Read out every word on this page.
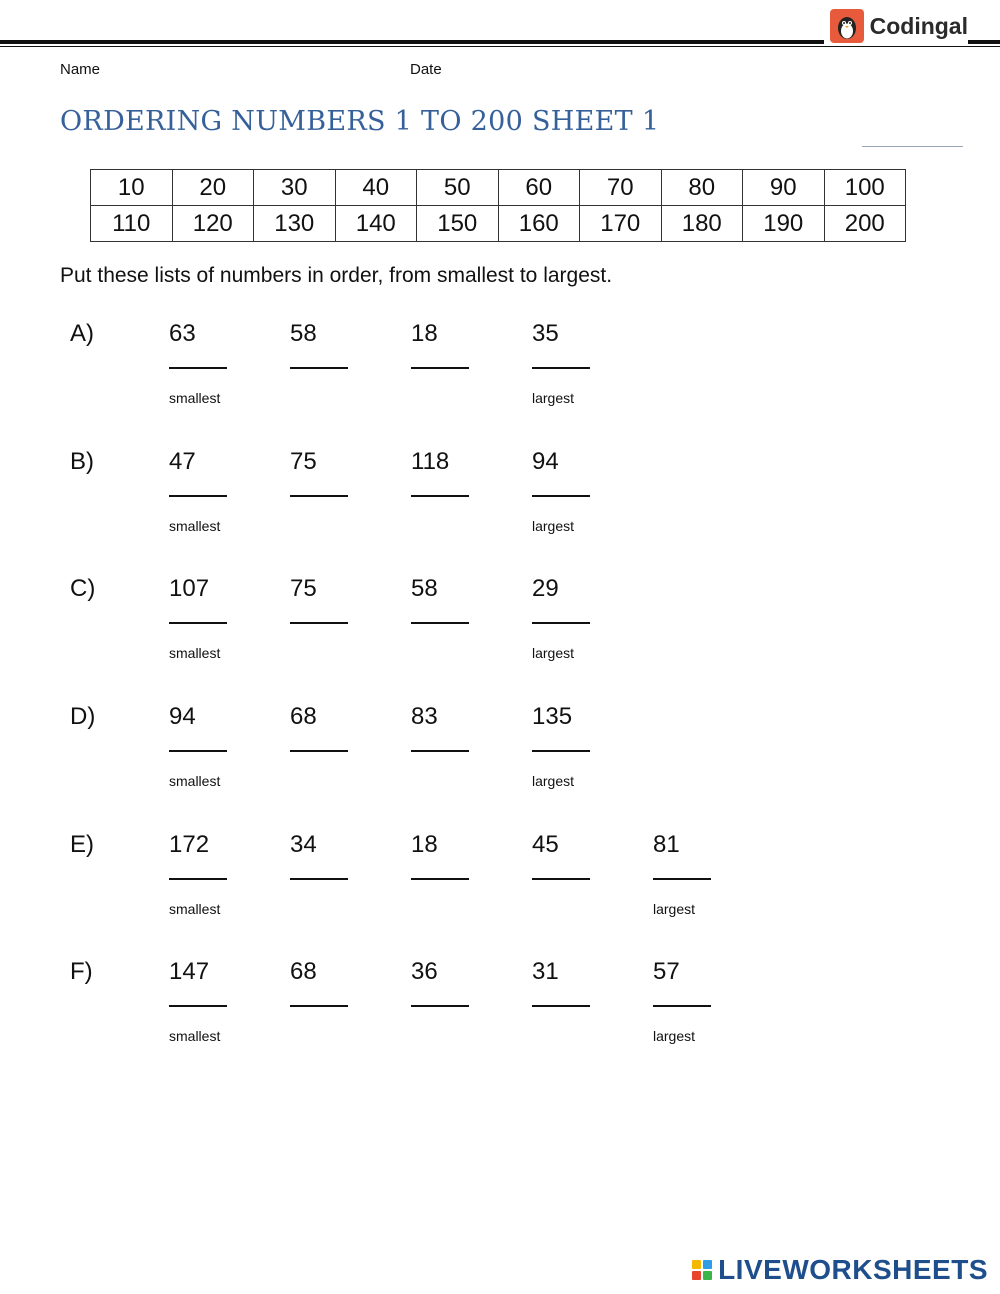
Codingal
Name	Date
ORDERING NUMBERS 1 TO 200 SHEET 1
10	20	30	40	50	60	70	80	90	100
110	120	130	140	150	160	170	180	190	200
Put these lists of numbers in order, from smallest to largest.
A)	63
smallest
58	18	35
largest
B)	47
smallest
75	118	94
largest
C)	107
smallest
75	58	29
largest
D)	94
smallest
68	83	135
largest
E)	172
smallest
34	18	45	81
largest
F)	147
smallest
68	36	31	57
largest
LIVEWORKSHEETS
